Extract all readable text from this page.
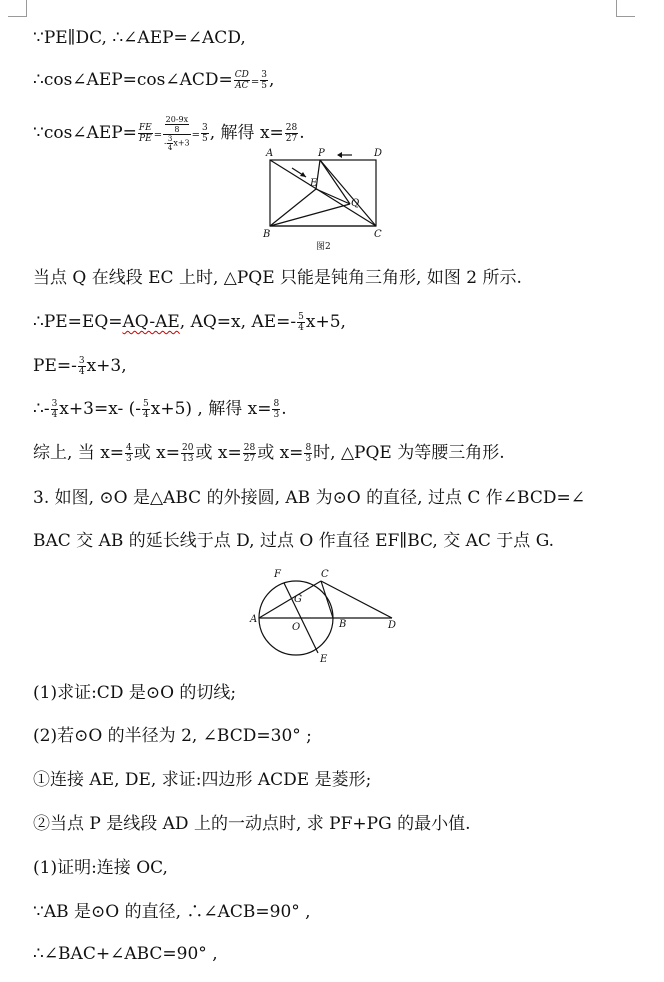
∵PE∥DC, ∴∠AEP=∠ACD,
∴cos∠AEP=cos∠ACD= $\frac{CD}{AC} = \frac{3}{5}$ ,
∵cos∠AEP= $\frac{FE}{PE} = \frac{\frac{20-9x}{8}}{- \frac{3}{4} x+3} = \frac{3}{5}$ , 解得 $x= \frac{28}{27}$ .
A	P	D
E
Q
B	C
图2
当点 Q 在线段 EC 上时, △PQE 只能是钝角三角形, 如图 2 所示.
∴PE=EQ=AQ-AE, AQ=x, $AE=- \frac{5}{4} x+5$,
$PE=- \frac{3}{4} x+3$,
∴- $\frac{3}{4} x+3=x-$ (- $\frac{5}{4} x+5$) , 解得 $x= \frac{8}{3}$ .
综上, 当 $x= \frac{4}{3}$ 或 $x= \frac{20}{13}$ 或 $x= \frac{28}{27}$ 或 $x= \frac{8}{3}$ 时, △PQE 为等腰三角形.
3. 如图, ⊙O 是△ABC 的外接圆, AB 为⊙O 的直径, 过点 C 作∠BCD=∠
BAC 交 AB 的延长线于点 D, 过点 O 作直径 EF∥BC, 交 AC 于点 G.
F	C
G
A
O	B	D
E
(1)求证:CD 是⊙O 的切线;
(2)若⊙O 的半径为 2, ∠BCD=30° ;
①连接 AE, DE, 求证:四边形 ACDE 是菱形;
②当点 P 是线段 AD 上的一动点时, 求 PF+PG 的最小值.
(1)证明:连接 OC,
∵AB 是⊙O 的直径, ∴∠ACB=90° ,
∴∠BAC+∠ABC=90° ,
